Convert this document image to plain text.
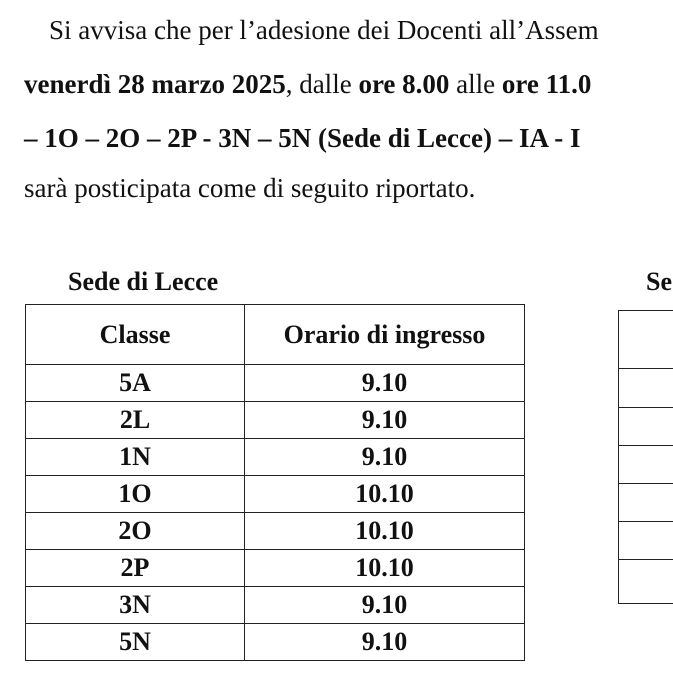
Si avvisa che per l’adesione dei Docenti all’Assem
venerdì 28 marzo 2025, dalle ore 8.00 alle ore 11.0
– 1O – 2O – 2P - 3N – 5N (Sede di Lecce) – IA - I
sarà posticipata come di seguito riportato.
Sede di Lecce	Se
Classe	Orario di ingresso
5A	9.10
2L	9.10
1N	9.10
1O	10.10
2O	10.10
2P	10.10
3N	9.10
5N	9.10
